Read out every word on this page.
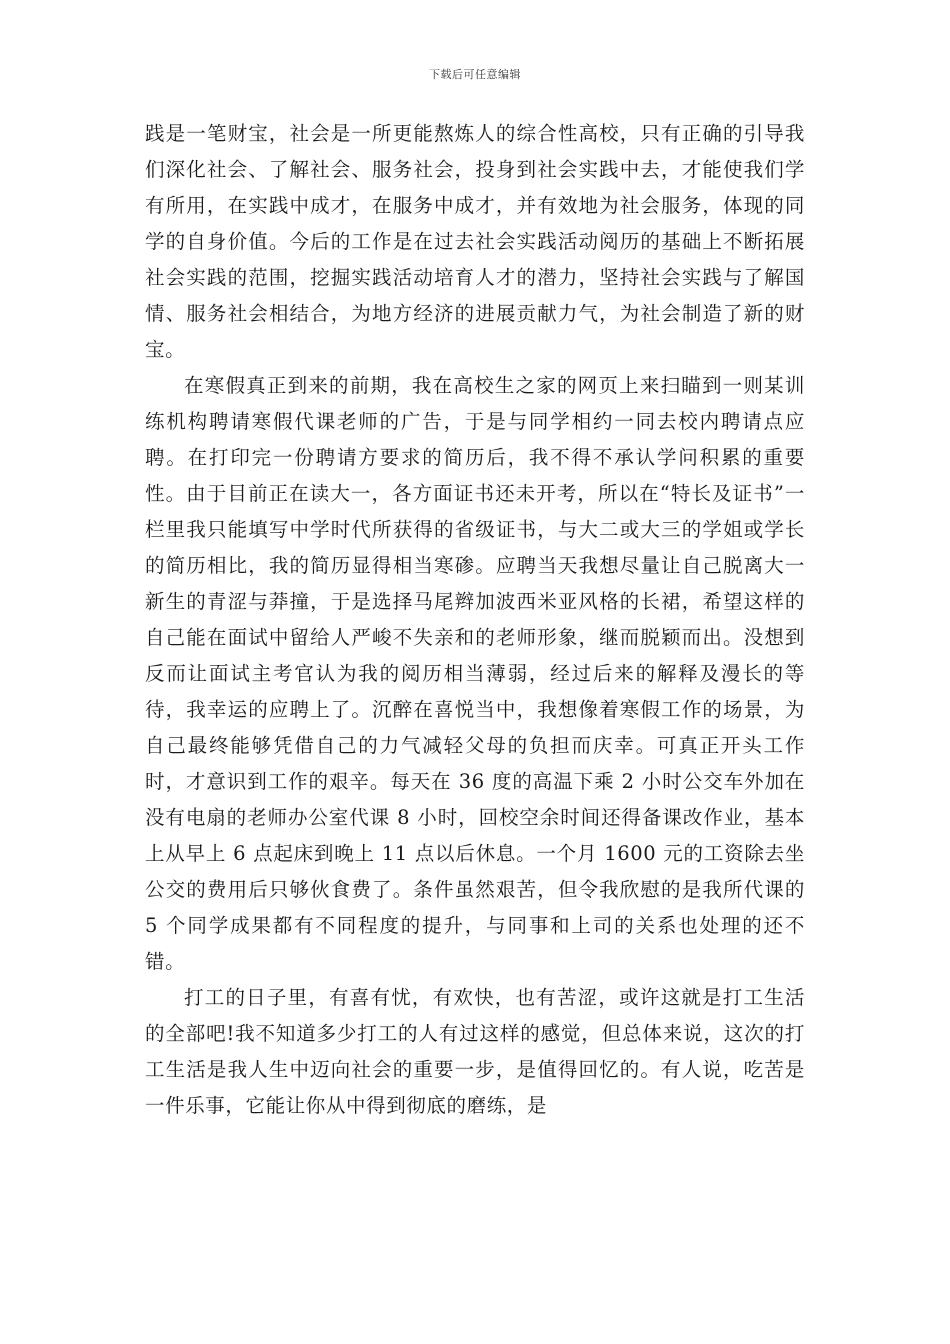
下载后可任意编辑

践是一笔财宝，社会是一所更能熬炼人的综合性高校，只有正确的引导我们深化社会、了解社会、服务社会，投身到社会实践中去，才能使我们学有所用，在实践中成才，在服务中成才，并有效地为社会服务，体现的同学的自身价值。今后的工作是在过去社会实践活动阅历的基础上不断拓展社会实践的范围，挖掘实践活动培育人才的潜力，坚持社会实践与了解国情、服务社会相结合，为地方经济的进展贡献力气，为社会制造了新的财宝。

在寒假真正到来的前期，我在高校生之家的网页上来扫瞄到一则某训练机构聘请寒假代课老师的广告，于是与同学相约一同去校内聘请点应聘。在打印完一份聘请方要求的简历后，我不得不承认学问积累的重要性。由于目前正在读大一，各方面证书还未开考，所以在“特长及证书”一栏里我只能填写中学时代所获得的省级证书，与大二或大三的学姐或学长的简历相比，我的简历显得相当寒碜。应聘当天我想尽量让自己脱离大一新生的青涩与莽撞，于是选择马尾辫加波西米亚风格的长裙，希望这样的自己能在面试中留给人严峻不失亲和的老师形象，继而脱颖而出。没想到反而让面试主考官认为我的阅历相当薄弱，经过后来的解释及漫长的等待，我幸运的应聘上了。沉醉在喜悦当中，我想像着寒假工作的场景，为自己最终能够凭借自己的力气减轻父母的负担而庆幸。可真正开头工作时，才意识到工作的艰辛。每天在 36 度的高温下乘 2 小时公交车外加在没有电扇的老师办公室代课 8 小时，回校空余时间还得备课改作业，基本上从早上 6 点起床到晚上 11 点以后休息。一个月 1600 元的工资除去坐公交的费用后只够伙食费了。条件虽然艰苦，但令我欣慰的是我所代课的 5 个同学成果都有不同程度的提升，与同事和上司的关系也处理的还不错。

打工的日子里，有喜有忧，有欢快，也有苦涩，或许这就是打工生活的全部吧!我不知道多少打工的人有过这样的感觉，但总体来说，这次的打工生活是我人生中迈向社会的重要一步，是值得回忆的。有人说，吃苦是一件乐事，它能让你从中得到彻底的磨练，是
